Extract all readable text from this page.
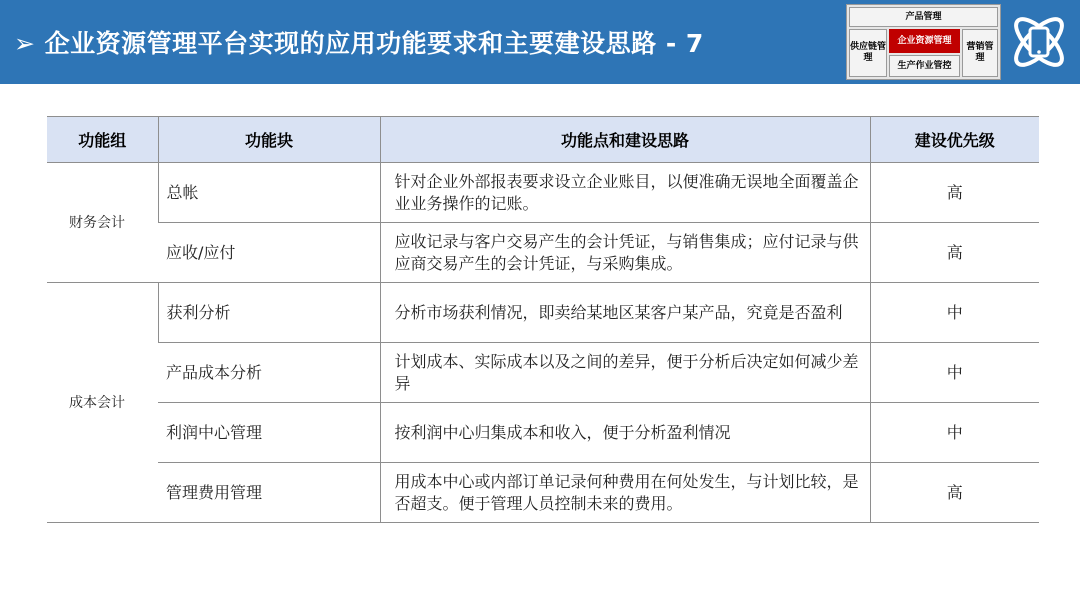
➢ 企业资源管理平台实现的应用功能要求和主要建设思路 - 7
产品管理
供应链管理
企业资源管理
生产作业管控
营销管理
功能组	功能块	功能点和建设思路	建设优先级
财务会计	总帐	针对企业外部报表要求设立企业账目，以便准确无误地全面覆盖企业业务操作的记账。	高
	应收/应付	应收记录与客户交易产生的会计凭证，与销售集成；应付记录与供应商交易产生的会计凭证，与采购集成。	高
成本会计	获利分析	分析市场获利情况，即卖给某地区某客户某产品，究竟是否盈利	中
	产品成本分析	计划成本、实际成本以及之间的差异，便于分析后决定如何减少差异	中
	利润中心管理	按利润中心归集成本和收入，便于分析盈利情况	中
	管理费用管理	用成本中心或内部订单记录何种费用在何处发生，与计划比较，是否超支。便于管理人员控制未来的费用。	高
